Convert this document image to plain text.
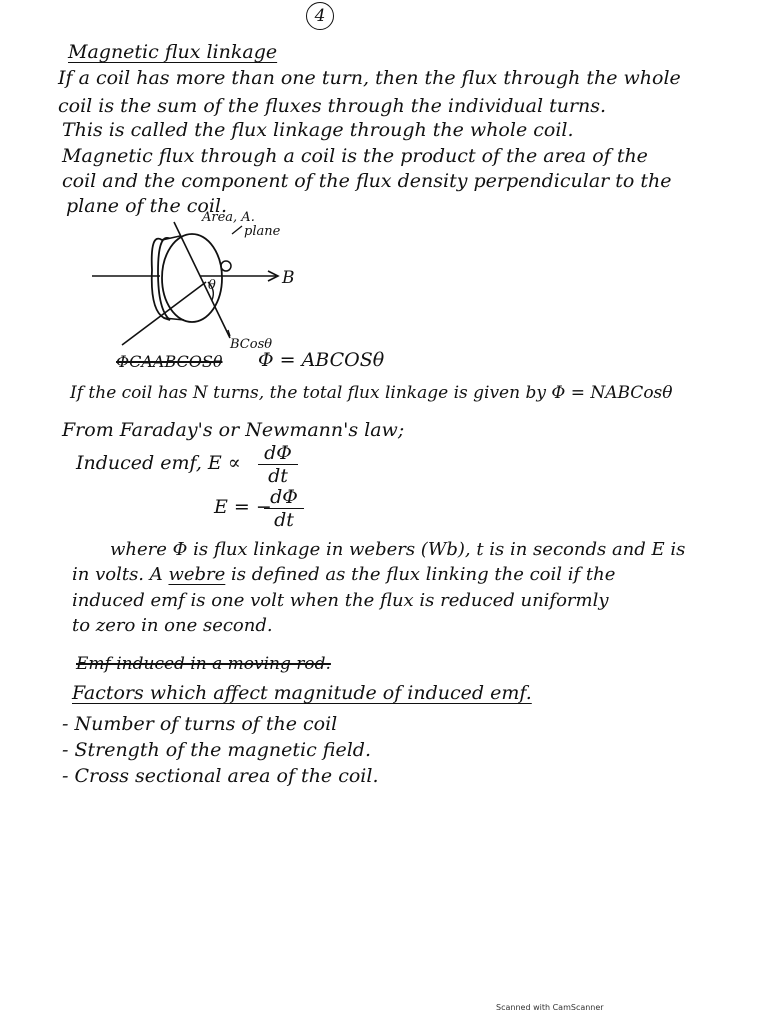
4
Magnetic flux linkage
If a coil has more than one turn, then the flux through the whole
coil is the sum of the fluxes through the individual turns.
This is called the flux linkage through the whole coil.
Magnetic flux through a coil is the product of the area of the
coil and the component of the flux density perpendicular to the
plane of the coil.
Area, A.
plane
B
BCosθ
θ
ΦCAABCOSθ Φ = ABCOSθ
If the coil has N turns, the total flux linkage is given by Φ = NABCosθ
From Faraday's or Newmann's law;
Induced emf, $E \propto \frac{d\Phi}{dt}$
E = −
$\frac{d\Phi}{dt}$
where Φ is flux linkage in webers (Wb), t is in seconds and E is
in volts. A webre is defined as the flux linking the coil if the
induced emf is one volt when the flux is reduced uniformly
to zero in one second.
Emf induced in a moving rod.
Factors which affect magnitude of induced emf.
- Number of turns of the coil
- Strength of the magnetic field.
- Cross sectional area of the coil.
Scanned with CamScanner
